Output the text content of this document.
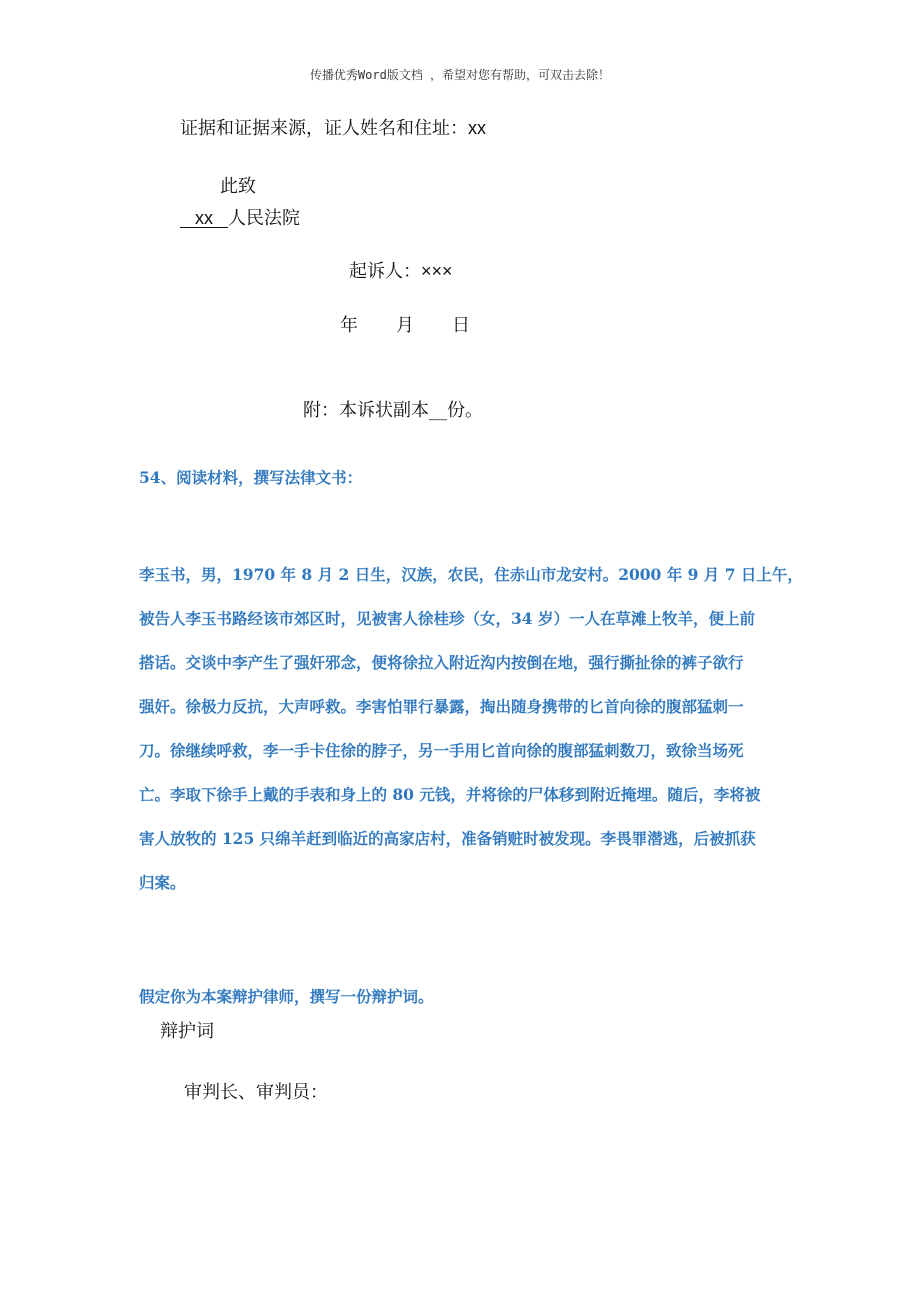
传播优秀Word版文档 ，希望对您有帮助，可双击去除！
证据和证据来源，证人姓名和住址：xx
此致
xx 人民法院
起诉人：×××
年 月 日
附：本诉状副本__份。
54、阅读材料，撰写法律文书：
李玉书，男，1970 年 8 月 2 日生，汉族，农民，住赤山市龙安村。2000 年 9 月 7 日上午，
被告人李玉书路经该市郊区时，见被害人徐桂珍（女，34 岁）一人在草滩上牧羊，便上前
搭话。交谈中李产生了强奸邪念，便将徐拉入附近沟内按倒在地，强行撕扯徐的裤子欲行
强奸。徐极力反抗，大声呼救。李害怕罪行暴露，掏出随身携带的匕首向徐的腹部猛刺一
刀。徐继续呼救，李一手卡住徐的脖子，另一手用匕首向徐的腹部猛刺数刀，致徐当场死
亡。李取下徐手上戴的手表和身上的 80 元钱，并将徐的尸体移到附近掩埋。随后，李将被
害人放牧的 125 只绵羊赶到临近的高家店村，准备销赃时被发现。李畏罪潜逃，后被抓获
归案。
假定你为本案辩护律师，撰写一份辩护词。
辩护词
审判长、审判员：
